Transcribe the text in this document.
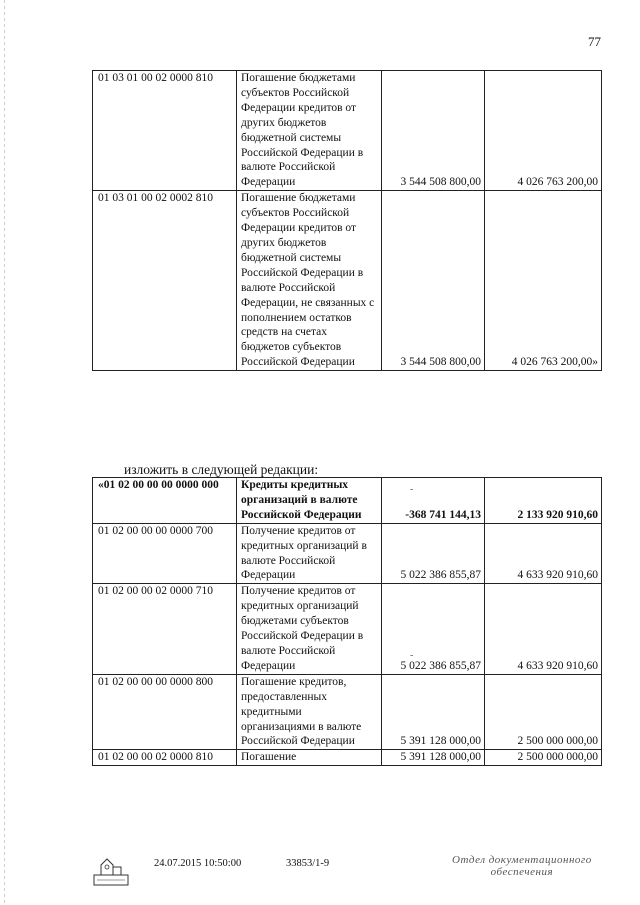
77
01 03 01 00 02 0000 810	Погашение бюджетами субъектов Российской Федерации кредитов от других бюджетов бюджетной системы Российской Федерации в валюте Российской Федерации	3 544 508 800,00	4 026 763 200,00
01 03 01 00 02 0002 810	Погашение бюджетами субъектов Российской Федерации кредитов от других бюджетов бюджетной системы Российской Федерации в валюте Российской Федерации, не связанных с пополнением остатков средств на счетах бюджетов субъектов Российской Федерации	3 544 508 800,00	4 026 763 200,00»
изложить в следующей редакции:
«01 02 00 00 00 0000 000	Кредиты кредитных организаций в валюте Российской Федерации	-368 741 144,13	2 133 920 910,60
01 02 00 00 00 0000 700	Получение кредитов от кредитных организаций в валюте Российской Федерации	5 022 386 855,87	4 633 920 910,60
01 02 00 00 02 0000 710	Получение кредитов от кредитных организаций бюджетами субъектов Российской Федерации в валюте Российской Федерации	5 022 386 855,87	4 633 920 910,60
01 02 00 00 00 0000 800	Погашение кредитов, предоставленных кредитными организациями в валюте Российской Федерации	5 391 128 000,00	2 500 000 000,00
01 02 00 00 02 0000 810	Погашение	5 391 128 000,00	2 500 000 000,00
-
-
24.07.2015 10:50:00	33853/1-9	Отдел документационного
обеспечения
